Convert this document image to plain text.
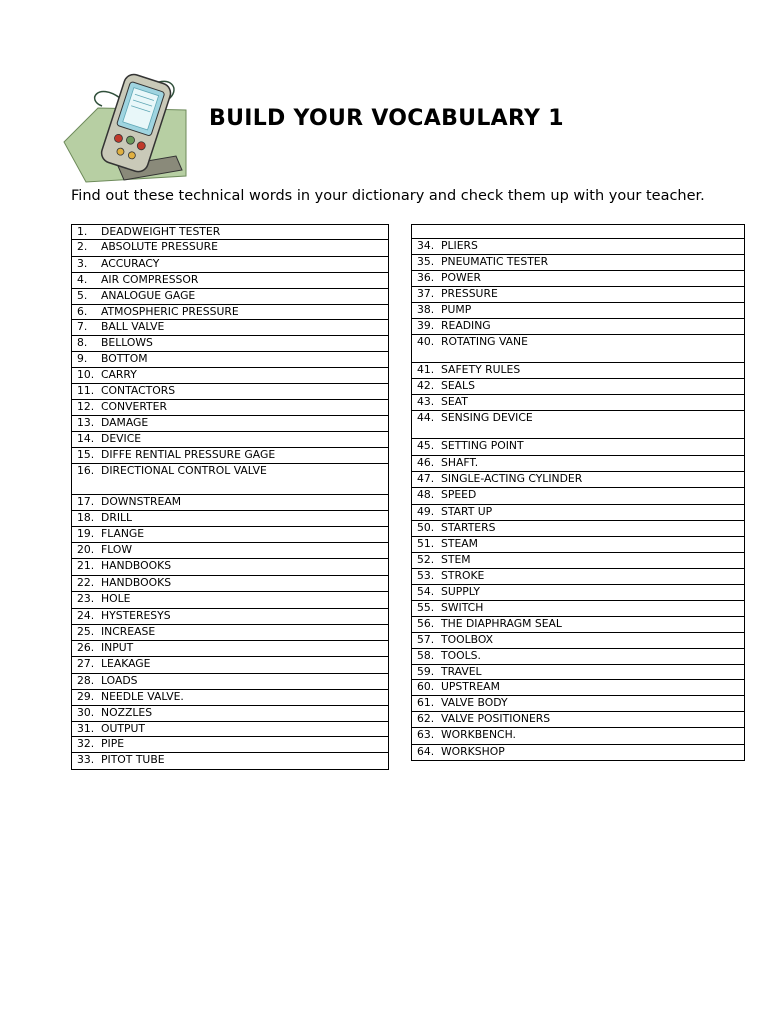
BUILD YOUR VOCABULARY 1
Find out these technical words in your dictionary and check them up with your teacher.
1. DEADWEIGHT TESTER
2. ABSOLUTE PRESSURE
3. ACCURACY
4. AIR COMPRESSOR
5. ANALOGUE GAGE
6. ATMOSPHERIC PRESSURE
7. BALL VALVE
8. BELLOWS
9. BOTTOM
10. CARRY
11. CONTACTORS
12. CONVERTER
13. DAMAGE
14. DEVICE
15. DIFFE RENTIAL PRESSURE GAGE
16. DIRECTIONAL CONTROL VALVE
17. DOWNSTREAM
18. DRILL
19. FLANGE
20. FLOW
21. HANDBOOKS
22. HANDBOOKS
23. HOLE
24. HYSTERESYS
25. INCREASE
26. INPUT
27. LEAKAGE
28. LOADS
29. NEEDLE VALVE.
30. NOZZLES
31. OUTPUT
32. PIPE
33. PITOT TUBE

34. PLIERS
35. PNEUMATIC TESTER
36. POWER
37. PRESSURE
38. PUMP
39. READING
40. ROTATING VANE
41. SAFETY RULES
42. SEALS
43. SEAT
44. SENSING DEVICE
45. SETTING POINT
46. SHAFT.
47. SINGLE-ACTING CYLINDER
48. SPEED
49. START UP
50. STARTERS
51. STEAM
52. STEM
53. STROKE
54. SUPPLY
55. SWITCH
56. THE DIAPHRAGM SEAL
57. TOOLBOX
58. TOOLS.
59. TRAVEL
60. UPSTREAM
61. VALVE BODY
62. VALVE POSITIONERS
63. WORKBENCH.
64. WORKSHOP
